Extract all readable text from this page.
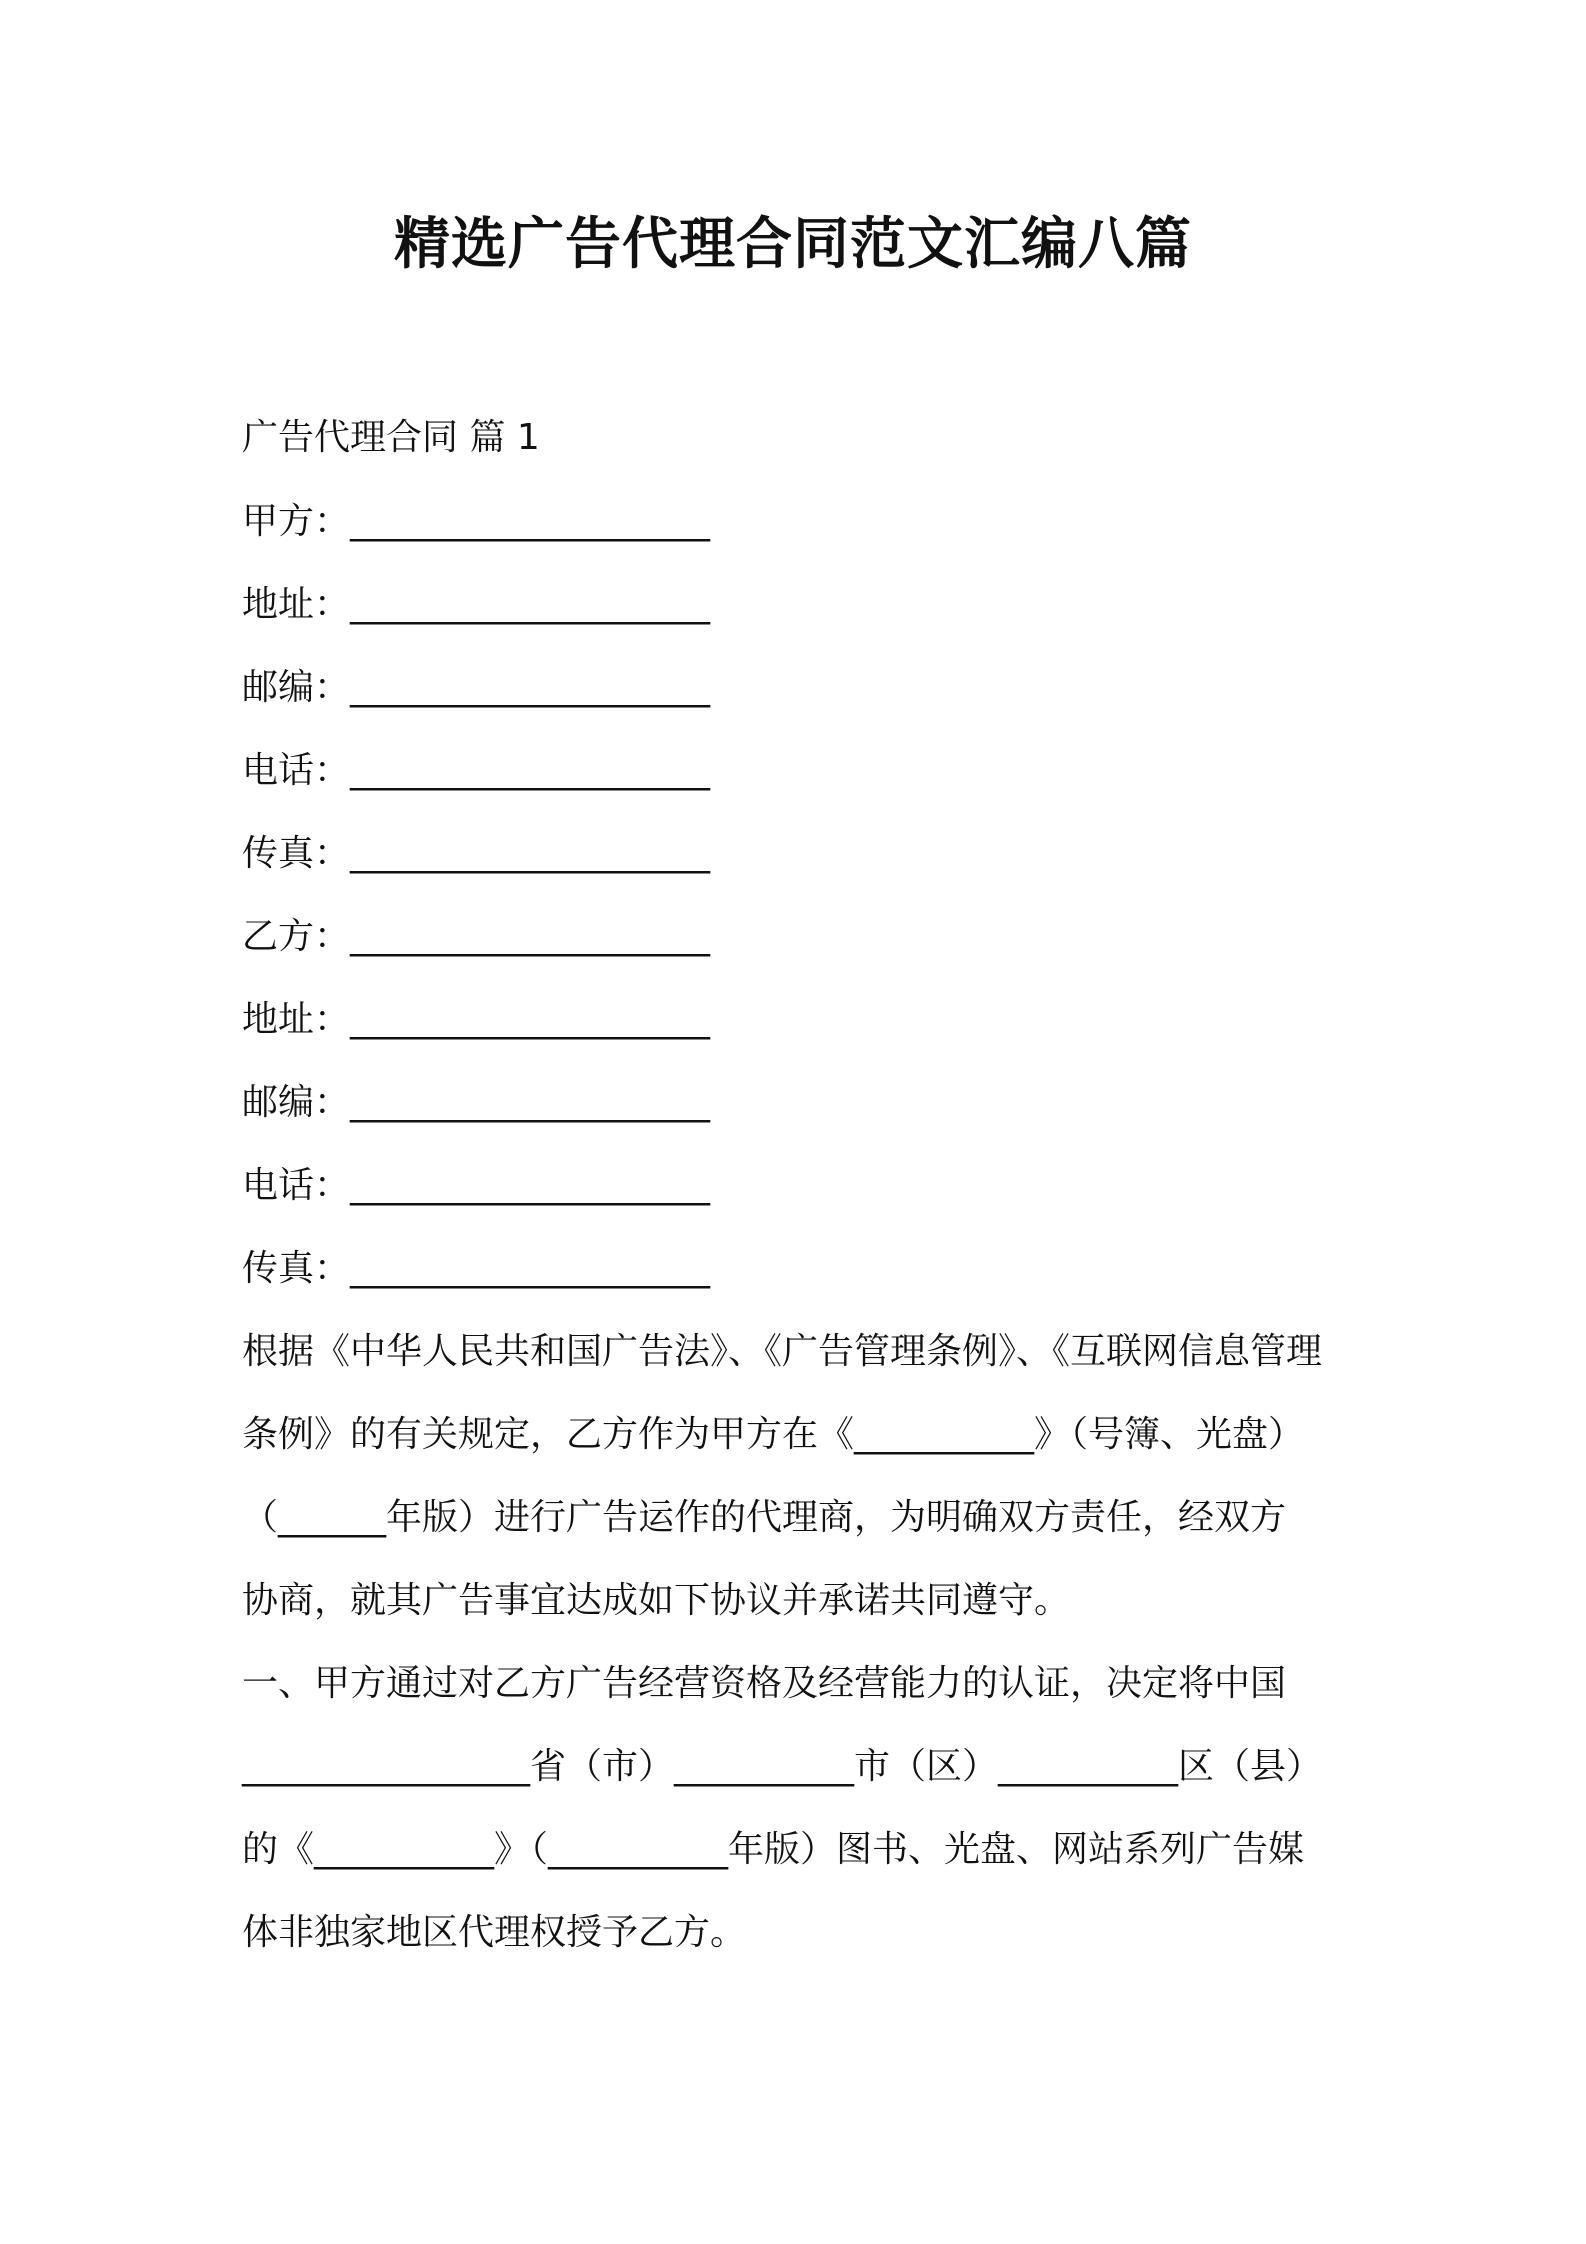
精选广告代理合同范文汇编八篇

广告代理合同 篇 1

甲方：____________________

地址：____________________

邮编：____________________

电话：____________________

传真：____________________

乙方：____________________

地址：____________________

邮编：____________________

电话：____________________

传真：____________________

根据《中华人民共和国广告法》、《广告管理条例》、《互联网信息管理

条例》的有关规定，乙方作为甲方在《__________》（号簿、光盘）

（______年版）进行广告运作的代理商，为明确双方责任，经双方

协商，就其广告事宜达成如下协议并承诺共同遵守。

一、甲方通过对乙方广告经营资格及经营能力的认证，决定将中国

________________省（市）__________市（区）__________区（县）

的《__________》（__________年版）图书、光盘、网站系列广告媒

体非独家地区代理权授予乙方。
